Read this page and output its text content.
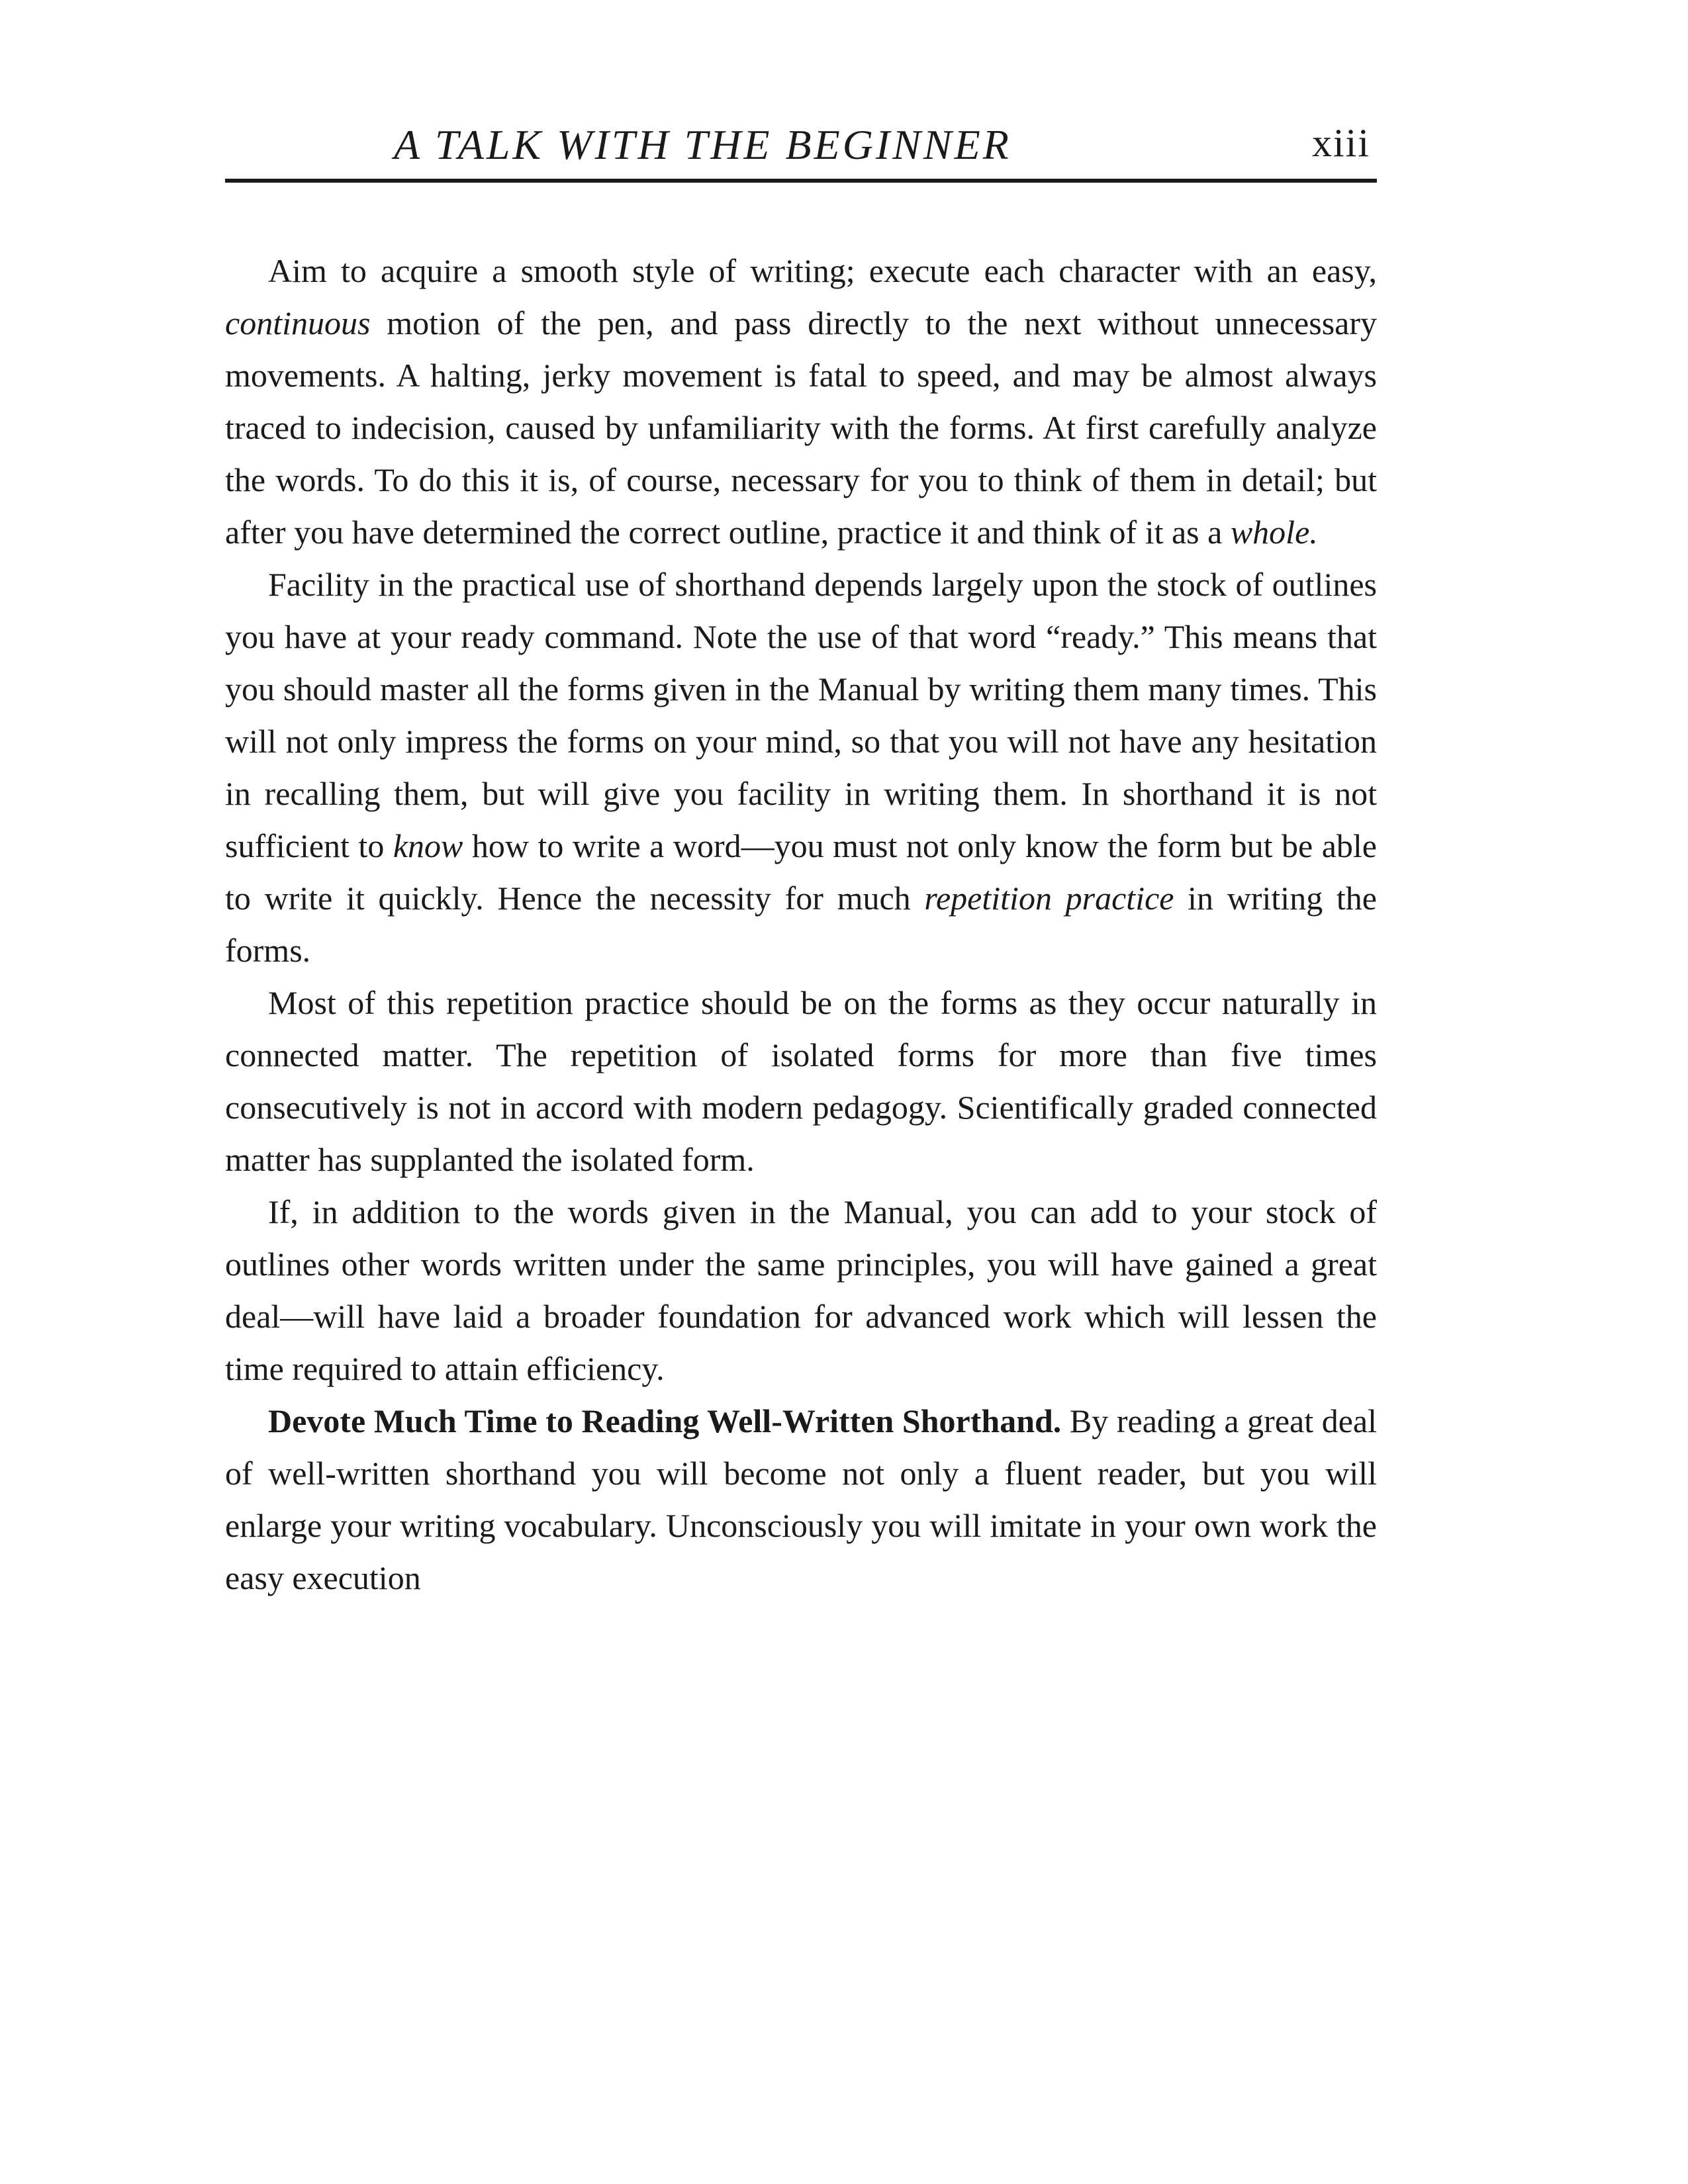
A TALK WITH THE BEGINNER	xiii

Aim to acquire a smooth style of writing; execute each character with an easy, continuous motion of the pen, and pass directly to the next without unnecessary movements. A halting, jerky movement is fatal to speed, and may be almost always traced to indecision, caused by unfamiliarity with the forms. At first carefully analyze the words. To do this it is, of course, necessary for you to think of them in detail; but after you have determined the correct outline, practice it and think of it as a whole.

Facility in the practical use of shorthand depends largely upon the stock of outlines you have at your ready command. Note the use of that word “ready.” This means that you should master all the forms given in the Manual by writing them many times. This will not only impress the forms on your mind, so that you will not have any hesitation in recalling them, but will give you facility in writing them. In shorthand it is not sufficient to know how to write a word—you must not only know the form but be able to write it quickly. Hence the necessity for much repetition practice in writing the forms.

Most of this repetition practice should be on the forms as they occur naturally in connected matter. The repetition of isolated forms for more than five times consecutively is not in accord with modern pedagogy. Scientifically graded connected matter has supplanted the isolated form.

If, in addition to the words given in the Manual, you can add to your stock of outlines other words written under the same principles, you will have gained a great deal—will have laid a broader foundation for advanced work which will lessen the time required to attain efficiency.

Devote Much Time to Reading Well-Written Shorthand. By reading a great deal of well-written shorthand you will become not only a fluent reader, but you will enlarge your writing vocabulary. Unconsciously you will imitate in your own work the easy execution
